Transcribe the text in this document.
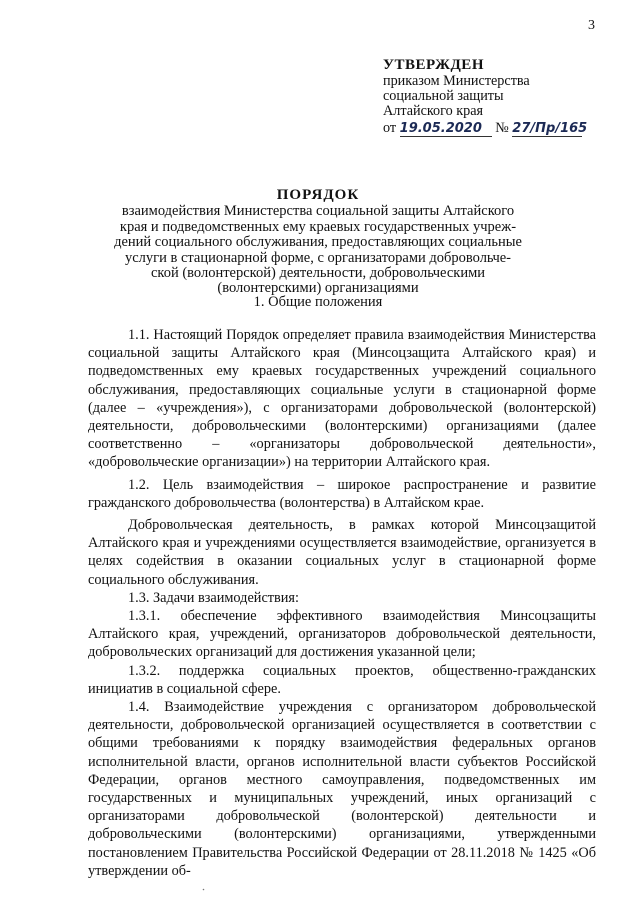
3
УТВЕРЖДЕН
приказом Министерства
социальной защиты
Алтайского края
от 19.05.2020 № 27/Пр/165
ПОРЯДОК
взаимодействия Министерства социальной защиты Алтайского
края и подведомственных ему краевых государственных учреж-
дений социального обслуживания, предоставляющих социальные
услуги в стационарной форме, с организаторами добровольче-
ской (волонтерской) деятельности, добровольческими
(волонтерскими) организациями
1. Общие положения

1.1. Настоящий Порядок определяет правила взаимодействия Министерства социальной защиты Алтайского края (Минсоцзащита Алтайского края) и подведомственных ему краевых государственных учреждений социального обслуживания, предоставляющих социальные услуги в стационарной форме (далее – «учреждения»), с организаторами добровольческой (волонтерской) деятельности, добровольческими (волонтерскими) организациями (далее соответственно – «организаторы добровольческой деятельности», «добровольческие организации») на территории Алтайского края.

1.2. Цель взаимодействия – широкое распространение и развитие гражданского добровольчества (волонтерства) в Алтайском крае.

Добровольческая деятельность, в рамках которой Минсоцзащитой Алтайского края и учреждениями осуществляется взаимодействие, организуется в целях содействия в оказании социальных услуг в стационарной форме социального обслуживания.

1.3. Задачи взаимодействия:

1.3.1. обеспечение эффективного взаимодействия Минсоцзащиты Алтайского края, учреждений, организаторов добровольческой деятельности, добровольческих организаций для достижения указанной цели;

1.3.2. поддержка социальных проектов, общественно-гражданских инициатив в социальной сфере.

1.4. Взаимодействие учреждения с организатором добровольческой деятельности, добровольческой организацией осуществляется в соответствии с общими требованиями к порядку взаимодействия федеральных органов исполнительной власти, органов исполнительной власти субъектов Российской Федерации, органов местного самоуправления, подведомственных им государственных и муниципальных учреждений, иных организаций с организаторами добровольческой (волонтерской) деятельности и добровольческими (волонтерскими) организациями, утвержденными постановлением Правительства Российской Федерации от 28.11.2018 № 1425 «Об утверждении об-
